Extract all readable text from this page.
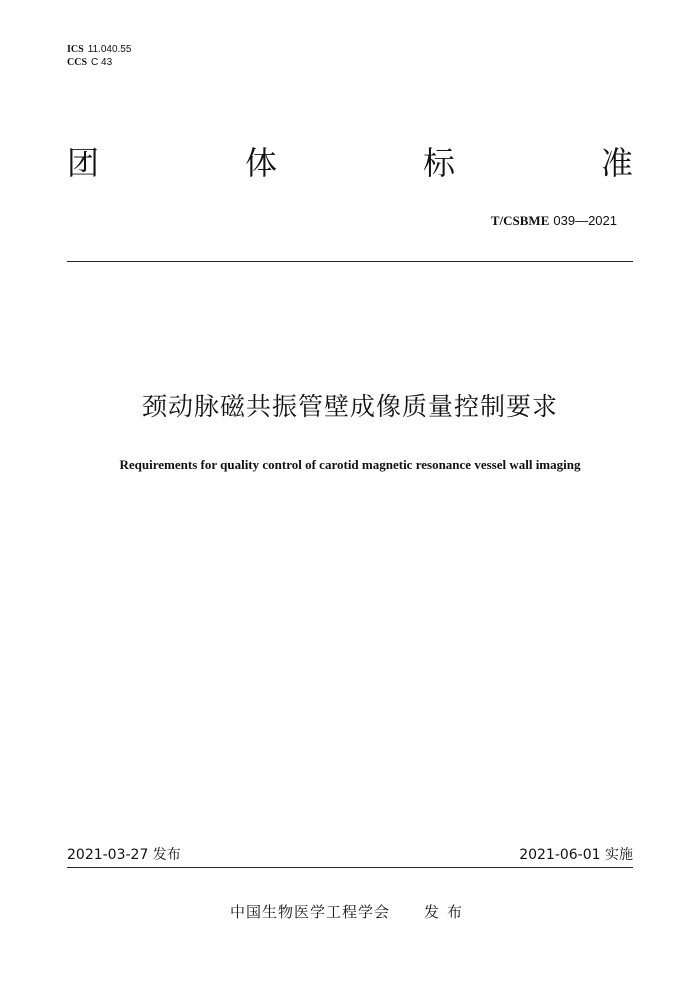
ICS 11.040.55
CCS C 43
团	体	标	准
T/CSBME 039—2021
颈动脉磁共振管壁成像质量控制要求
Requirements for quality control of carotid magnetic resonance vessel wall imaging
2021-03-27 发布	2021-06-01 实施
中国生物医学工程学会 发布
